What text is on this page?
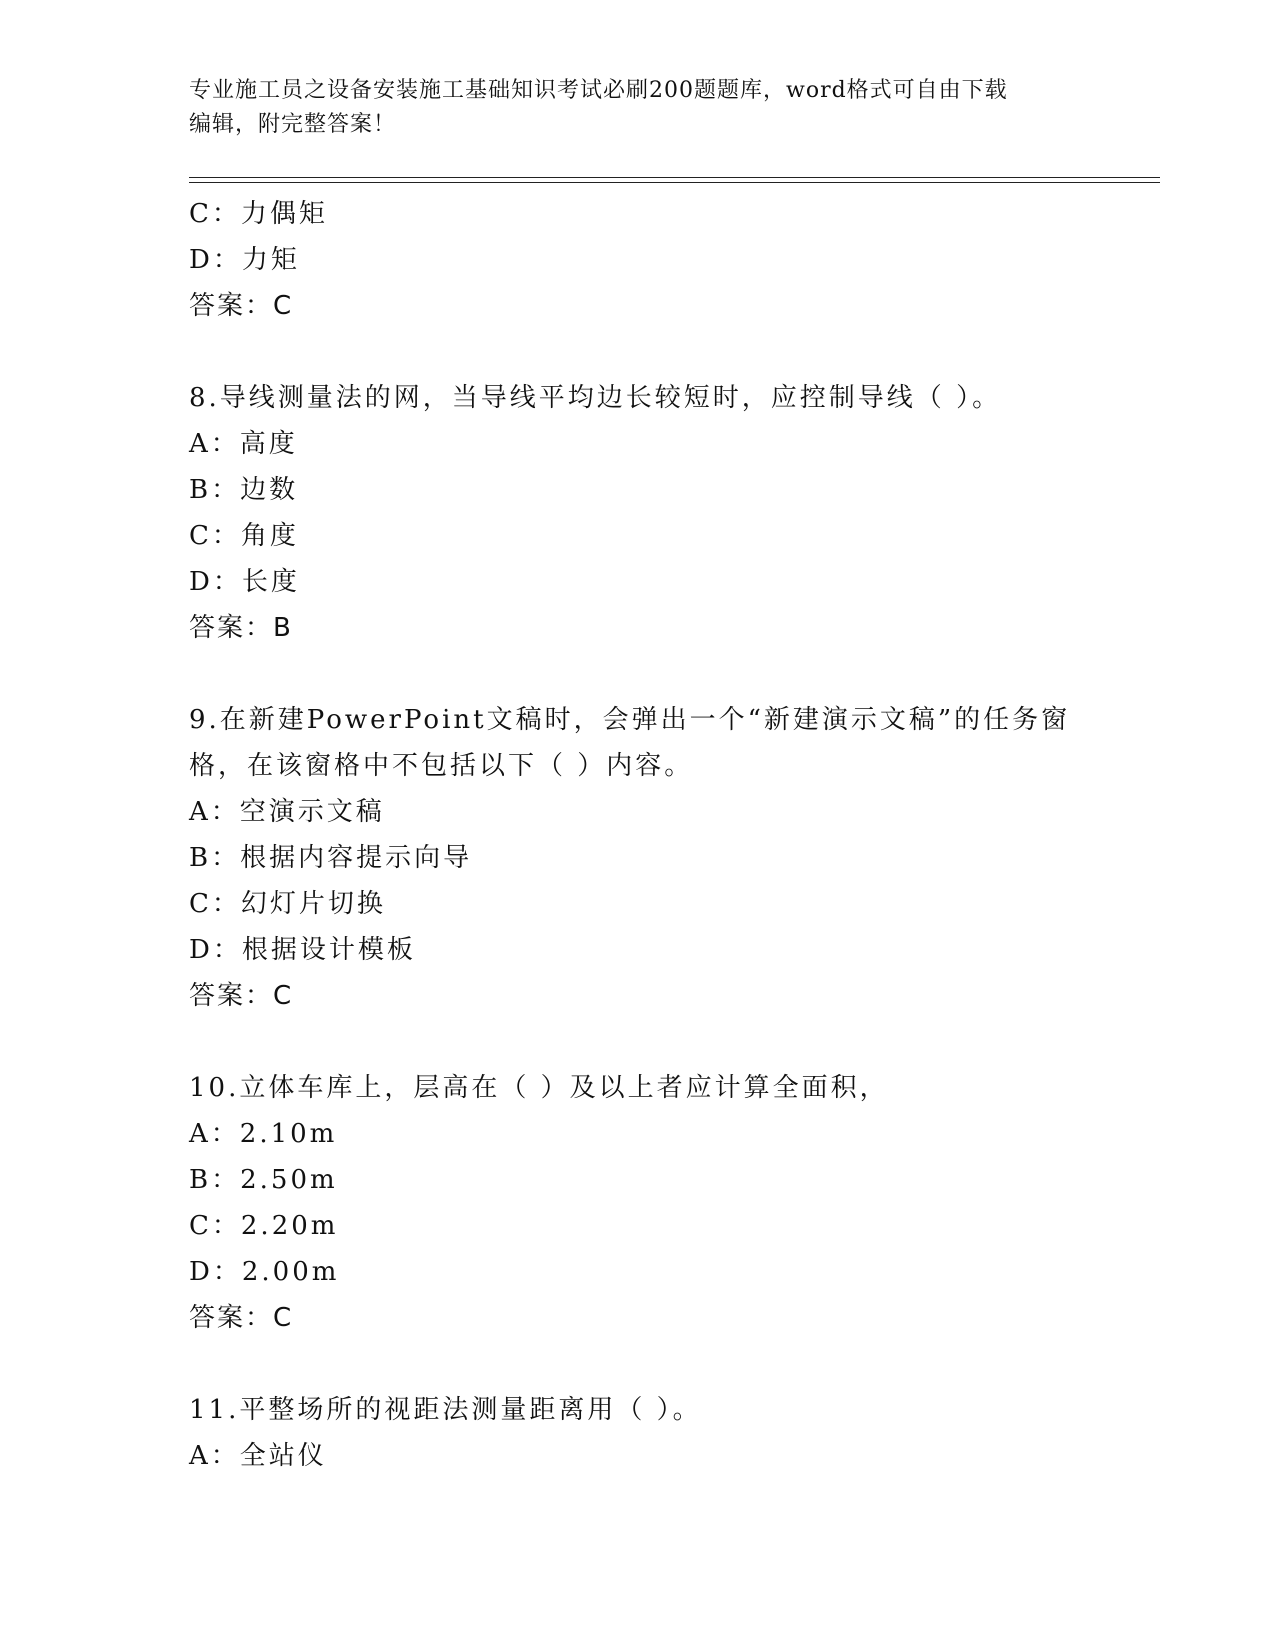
专业施工员之设备安装施工基础知识考试必刷200题题库，word格式可自由下载
编辑，附完整答案！
C：力偶矩
D：力矩
答案：C
8.导线测量法的网，当导线平均边长较短时，应控制导线（ ）。
A：高度
B：边数
C：角度
D：长度
答案：B
9.在新建PowerPoint文稿时，会弹出一个“新建演示文稿”的任务窗
格，在该窗格中不包括以下（ ）内容。
A：空演示文稿
B：根据内容提示向导
C：幻灯片切换
D：根据设计模板
答案：C
10.立体车库上，层高在（ ）及以上者应计算全面积，
A：2.10m
B：2.50m
C：2.20m
D：2.00m
答案：C
11.平整场所的视距法测量距离用（ ）。
A：全站仪
